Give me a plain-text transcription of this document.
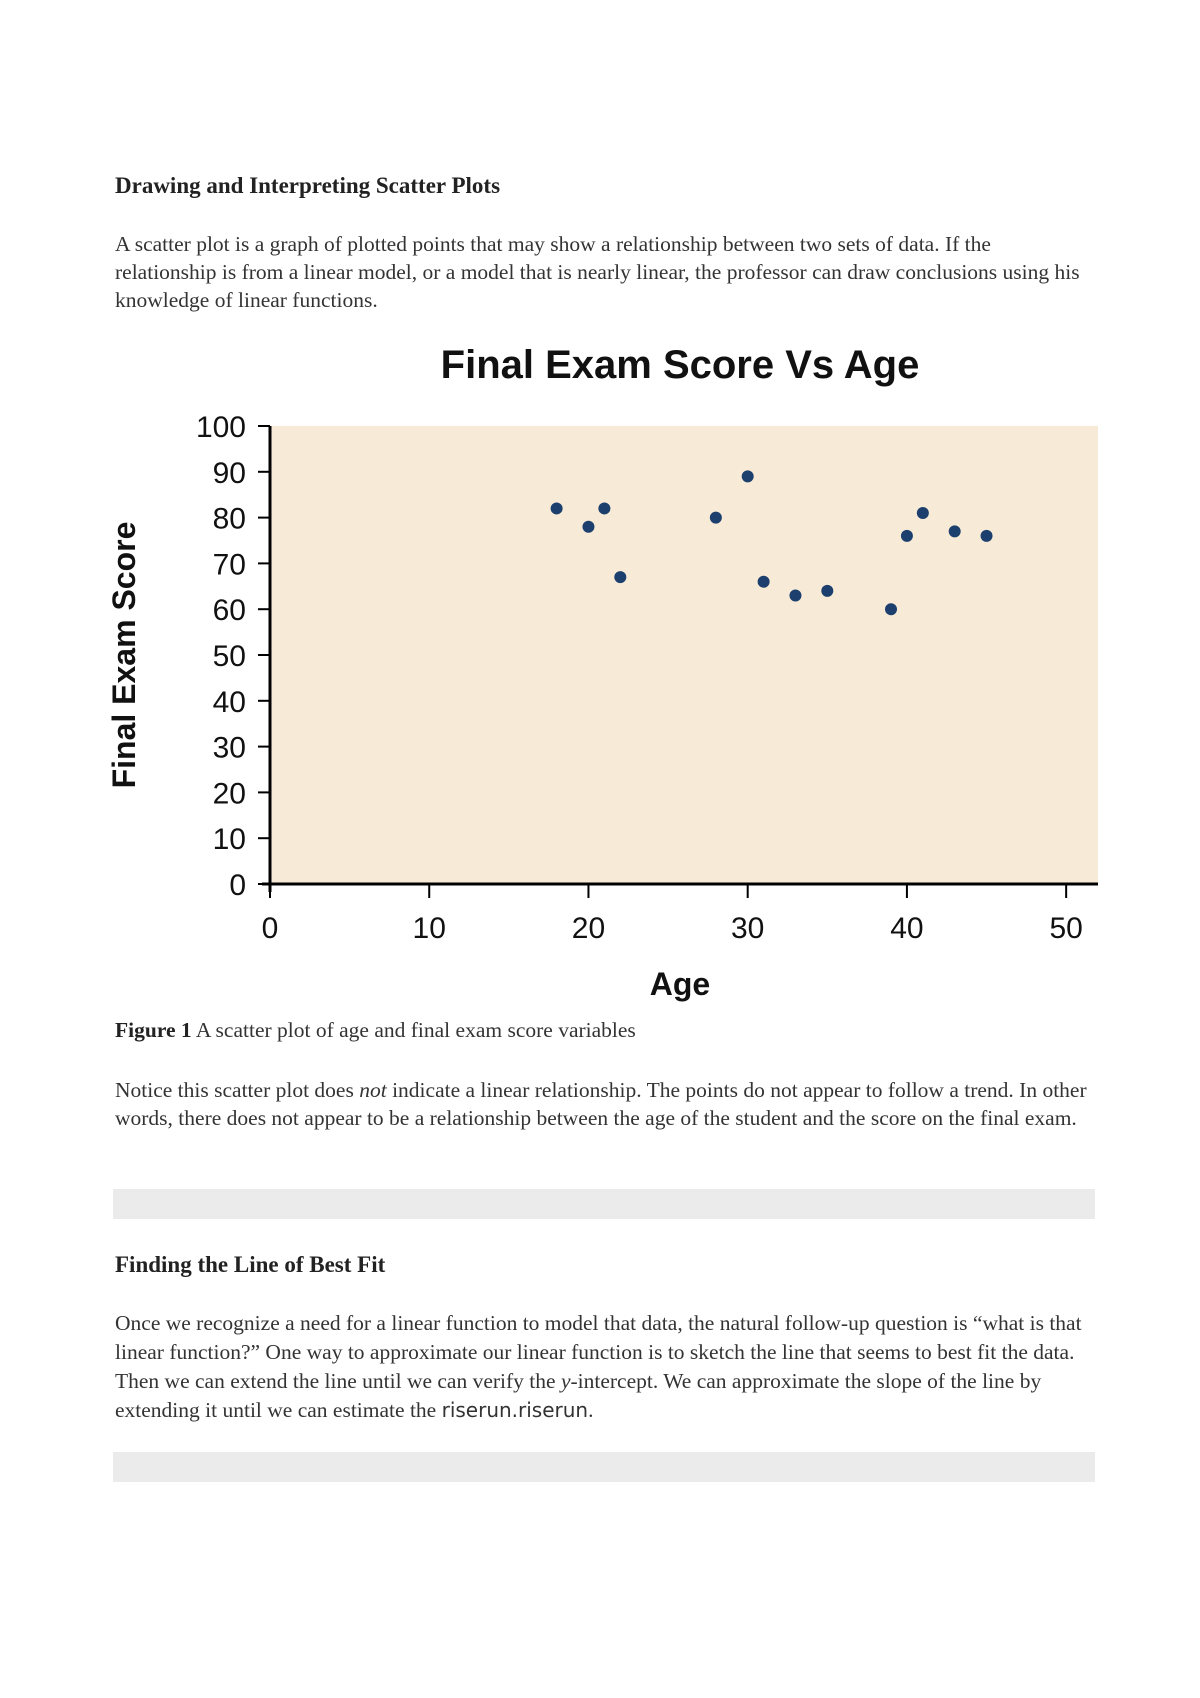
Drawing and Interpreting Scatter Plots
A scatter plot is a graph of plotted points that may show a relationship between two sets of data. If the relationship is from a linear model, or a model that is nearly linear, the professor can draw conclusions using his knowledge of linear functions.
Final Exam Score Vs Age
0
10
20
30
40
50
60
70
80
90
100
0	10	20	30	40	50
Age
Final Exam Score
Figure 1 A scatter plot of age and final exam score variables
Notice this scatter plot does not indicate a linear relationship. The points do not appear to follow a trend. In other words, there does not appear to be a relationship between the age of the student and the score on the final exam.
Finding the Line of Best Fit
Once we recognize a need for a linear function to model that data, the natural follow-up question is “what is that linear function?” One way to approximate our linear function is to sketch the line that seems to best fit the data. Then we can extend the line until we can verify the y-intercept. We can approximate the slope of the line by extending it until we can estimate the riserun.riserun.
